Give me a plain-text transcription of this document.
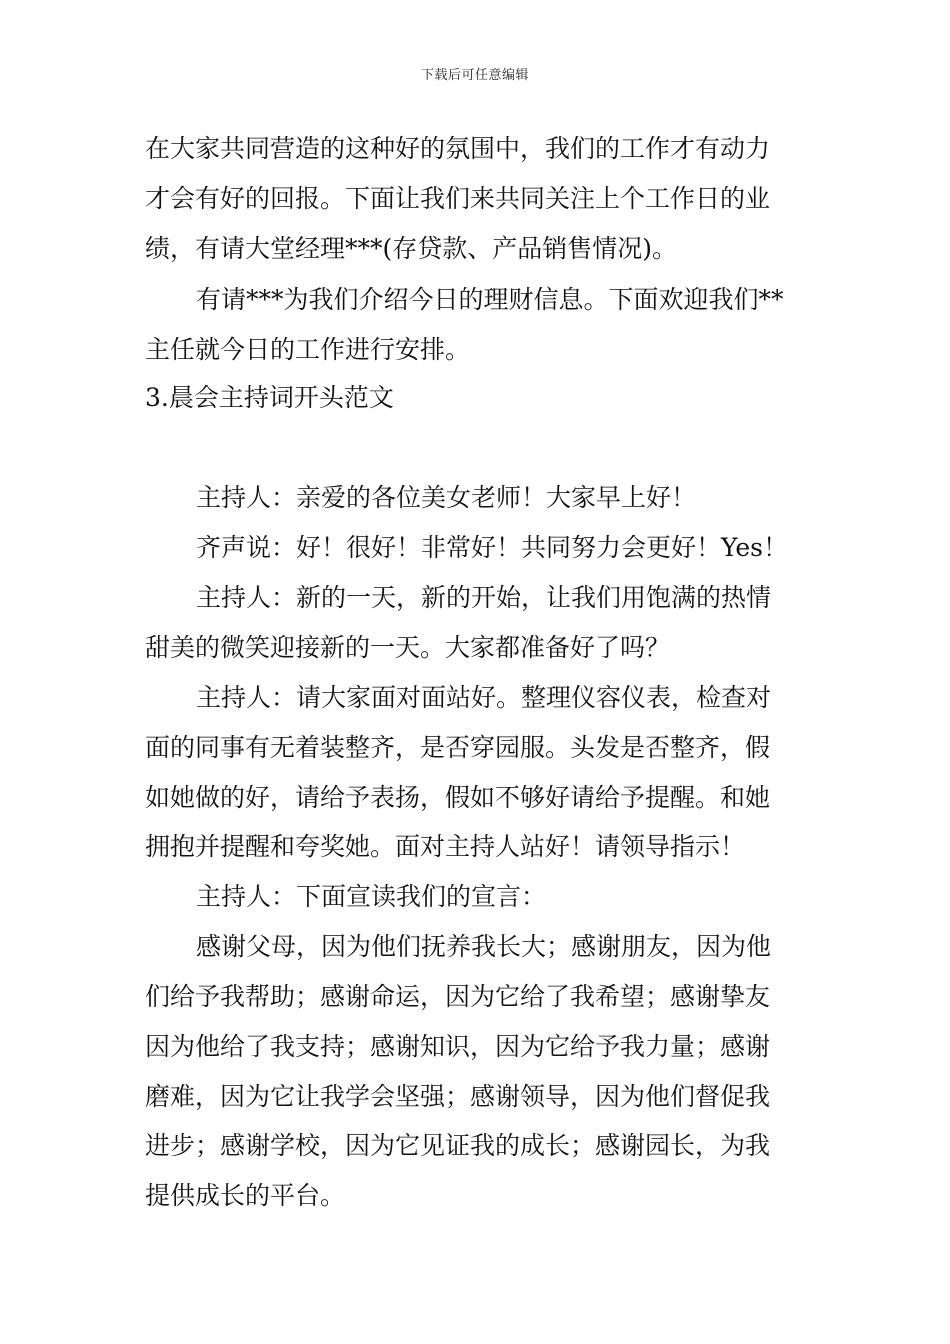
下载后可任意编辑
在大家共同营造的这种好的氛围中，我们的工作才有动力
才会有好的回报。下面让我们来共同关注上个工作日的业
绩，有请大堂经理***(存贷款、产品销售情况)。
有请***为我们介绍今日的理财信息。下面欢迎我们**
主任就今日的工作进行安排。
3.晨会主持词开头范文
主持人：亲爱的各位美女老师！大家早上好！
齐声说：好！很好！非常好！共同努力会更好！Yes！
主持人：新的一天，新的开始，让我们用饱满的热情
甜美的微笑迎接新的一天。大家都准备好了吗？
主持人：请大家面对面站好。整理仪容仪表，检查对
面的同事有无着装整齐，是否穿园服。头发是否整齐，假
如她做的好，请给予表扬，假如不够好请给予提醒。和她
拥抱并提醒和夸奖她。面对主持人站好！请领导指示！
主持人：下面宣读我们的宣言：
感谢父母，因为他们抚养我长大；感谢朋友，因为他
们给予我帮助；感谢命运，因为它给了我希望；感谢挚友
因为他给了我支持；感谢知识，因为它给予我力量；感谢
磨难，因为它让我学会坚强；感谢领导，因为他们督促我
进步；感谢学校，因为它见证我的成长；感谢园长，为我
提供成长的平台。
